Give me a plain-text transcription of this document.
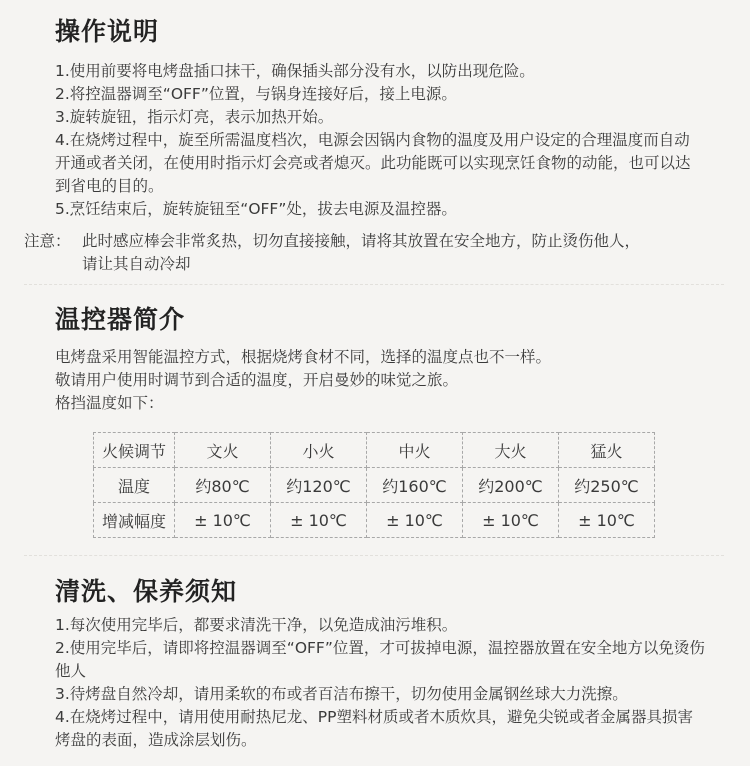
操作说明

1.使用前要将电烤盘插口抹干，确保插头部分没有水，以防出现危险。

2.将控温器调至“OFF”位置，与锅身连接好后，接上电源。

3.旋转旋钮，指示灯亮，表示加热开始。

4.在烧烤过程中，旋至所需温度档次，电源会因锅内食物的温度及用户设定的合理温度而自动开通或者关闭，在使用时指示灯会亮或者熄灭。此功能既可以实现烹饪食物的动能，也可以达到省电的目的。

5.烹饪结束后，旋转旋钮至“OFF”处，拔去电源及温控器。

注意： 此时感应棒会非常炙热，切勿直接接触，请将其放置在安全地方，防止烫伤他人，
请让其自动冷却
温控器简介

电烤盘采用智能温控方式，根据烧烤食材不同，选择的温度点也不一样。

敬请用户使用时调节到合适的温度，开启曼妙的味觉之旅。

格挡温度如下：

火候调节	文火	小火	中火	大火	猛火
温度	约80℃	约120℃	约160℃	约200℃	约250℃
增减幅度	± 10℃	± 10℃	± 10℃	± 10℃	± 10℃
清洗、保养须知

1.每次使用完毕后，都要求清洗干净，以免造成油污堆积。

2.使用完毕后，请即将控温器调至“OFF”位置，才可拔掉电源，温控器放置在安全地方以免烫伤他人

3.待烤盘自然冷却，请用柔软的布或者百洁布擦干，切勿使用金属钢丝球大力洗擦。

4.在烧烤过程中，请用使用耐热尼龙、PP塑料材质或者木质炊具，避免尖锐或者金属器具损害烤盘的表面，造成涂层划伤。
